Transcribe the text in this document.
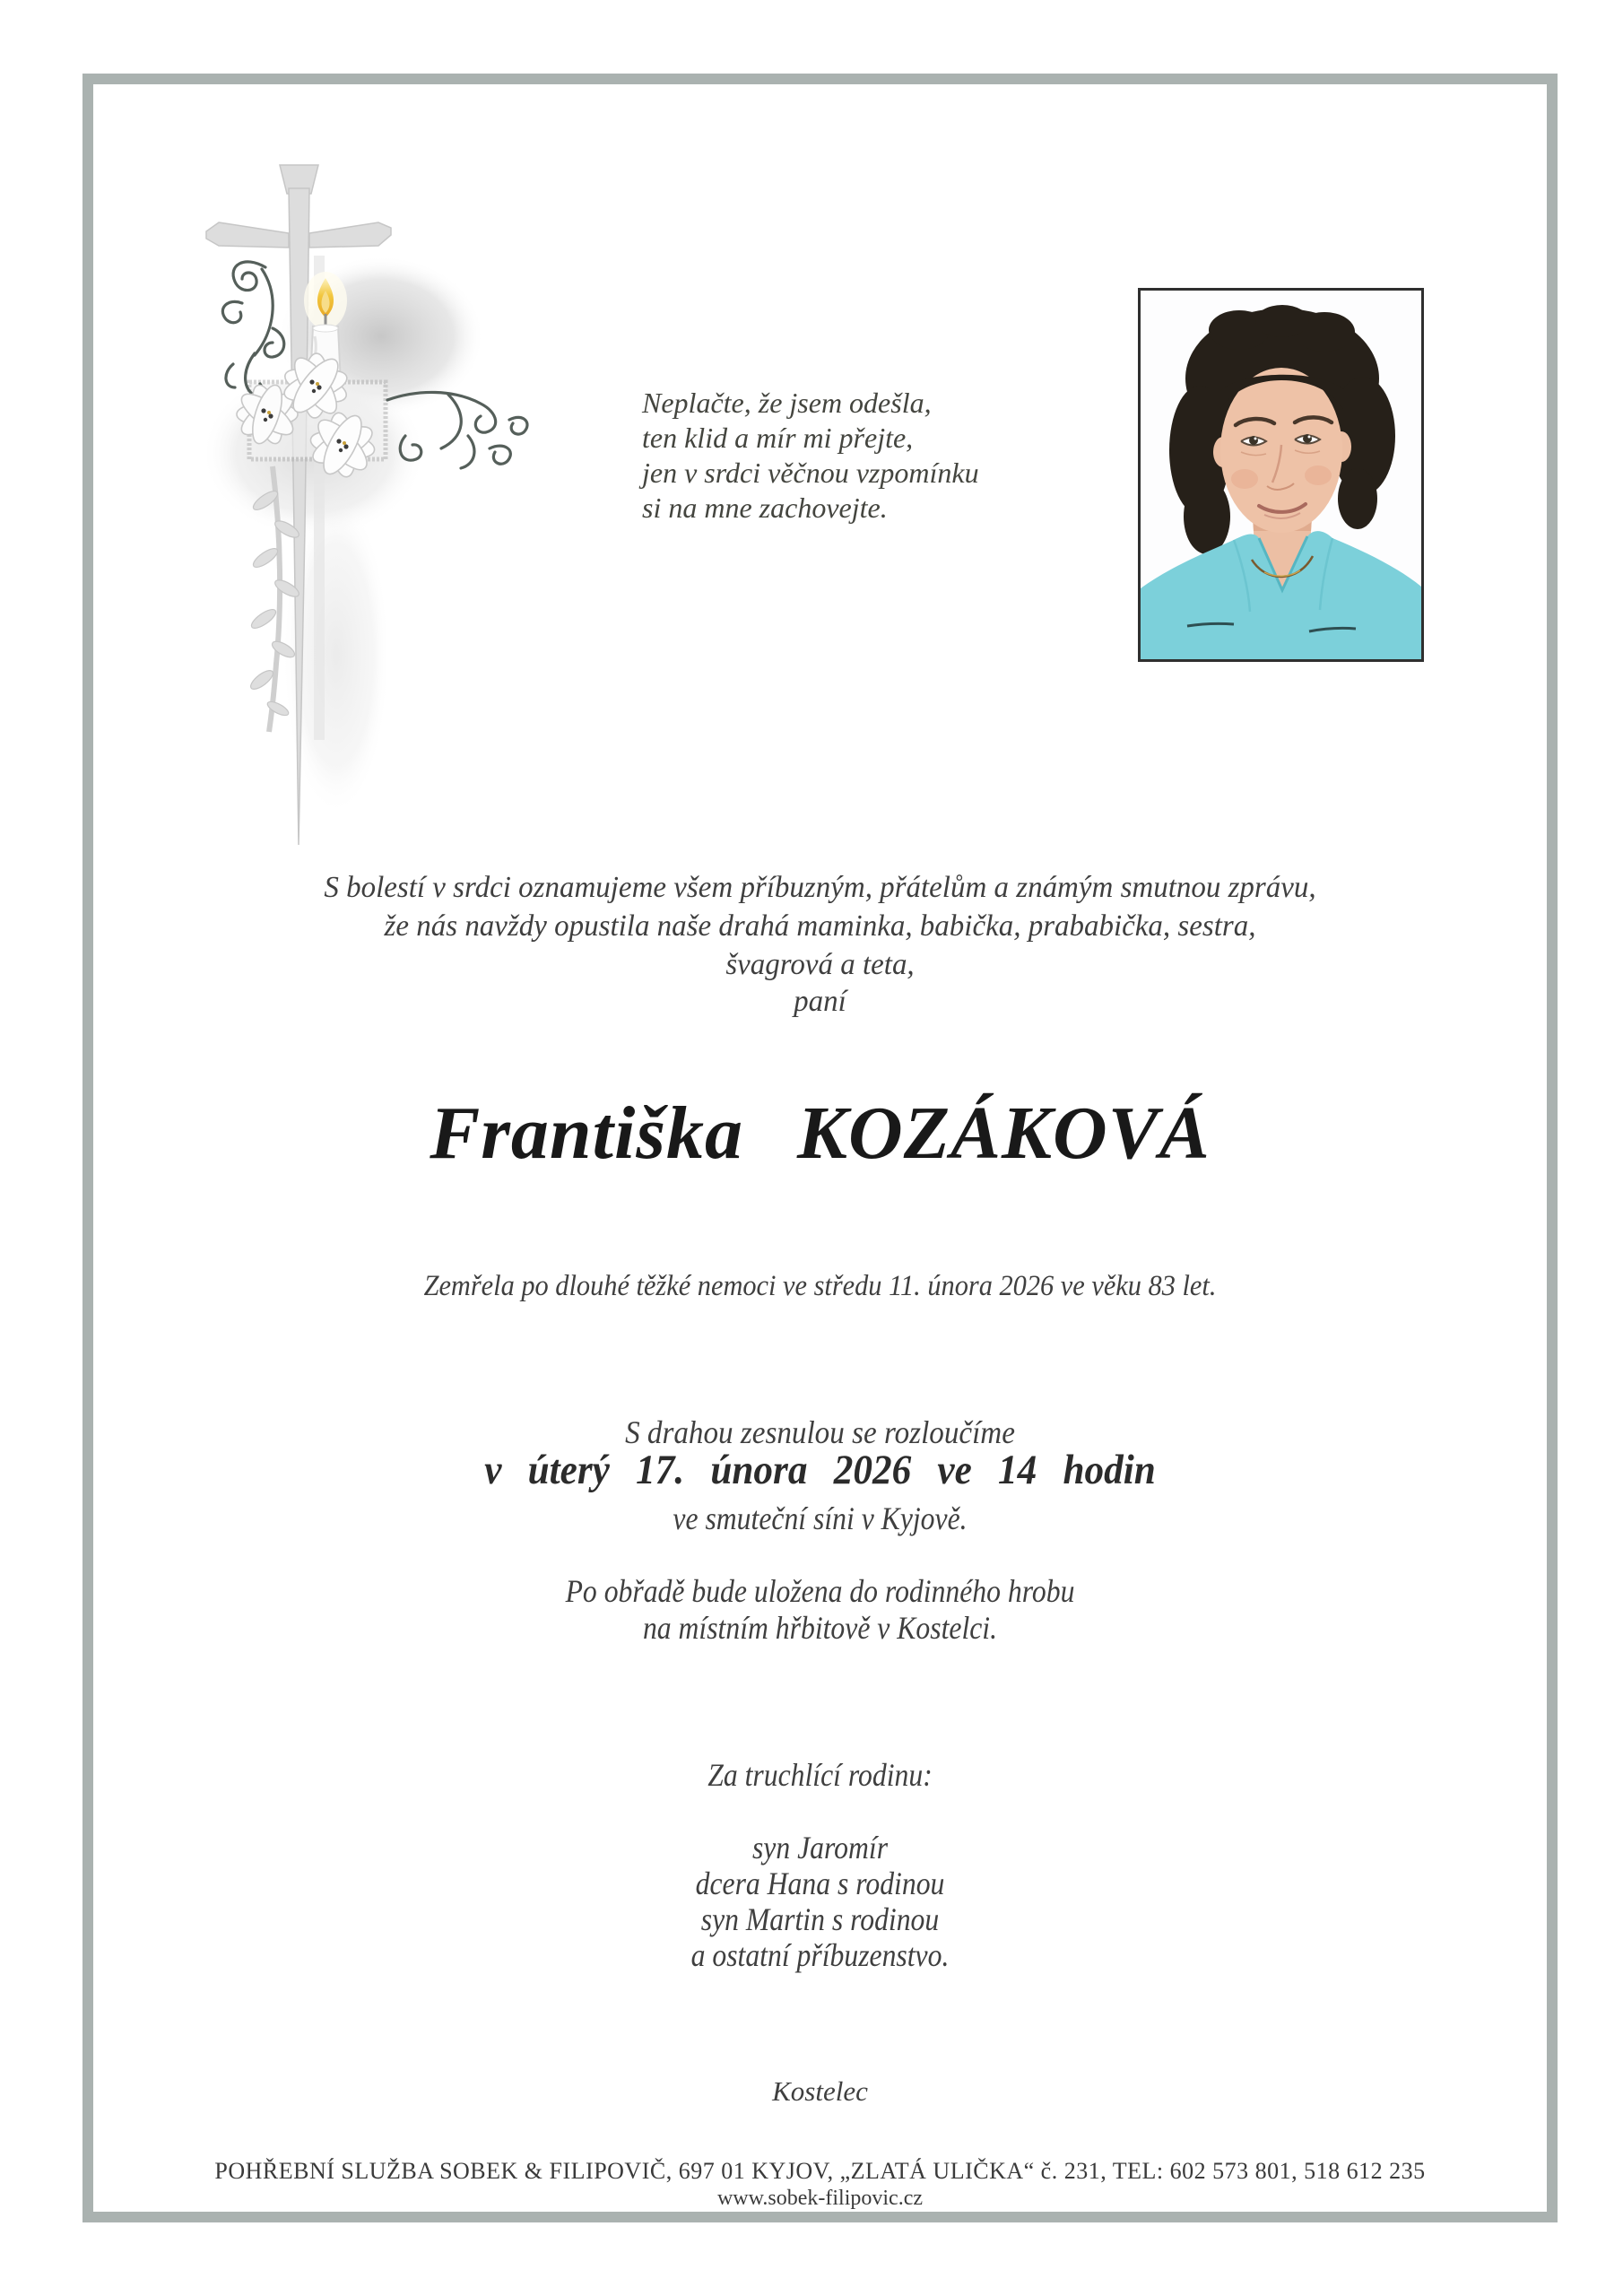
Neplačte, že jsem odešla,
ten klid a mír mi přejte,
jen v srdci věčnou vzpomínku
si na mne zachovejte.
S bolestí v srdci oznamujeme všem příbuzným, přátelům a známým smutnou zprávu,
že nás navždy opustila naše drahá maminka, babička, prababička, sestra,
švagrová a teta,
paní
Františka KOZÁKOVÁ
Zemřela po dlouhé těžké nemoci ve středu 11. února 2026 ve věku 83 let.
S drahou zesnulou se rozloučíme
v úterý 17. února 2026 ve 14 hodin
ve smuteční síni v Kyjově.
Po obřadě bude uložena do rodinného hrobu
na místním hřbitově v Kostelci.
Za truchlící rodinu:
syn Jaromír
dcera Hana s rodinou
syn Martin s rodinou
a ostatní příbuzenstvo.
Kostelec
POHŘEBNÍ SLUŽBA SOBEK & FILIPOVIČ, 697 01 KYJOV, „ZLATÁ ULIČKA“ č. 231, TEL: 602 573 801, 518 612 235
www.sobek-filipovic.cz
